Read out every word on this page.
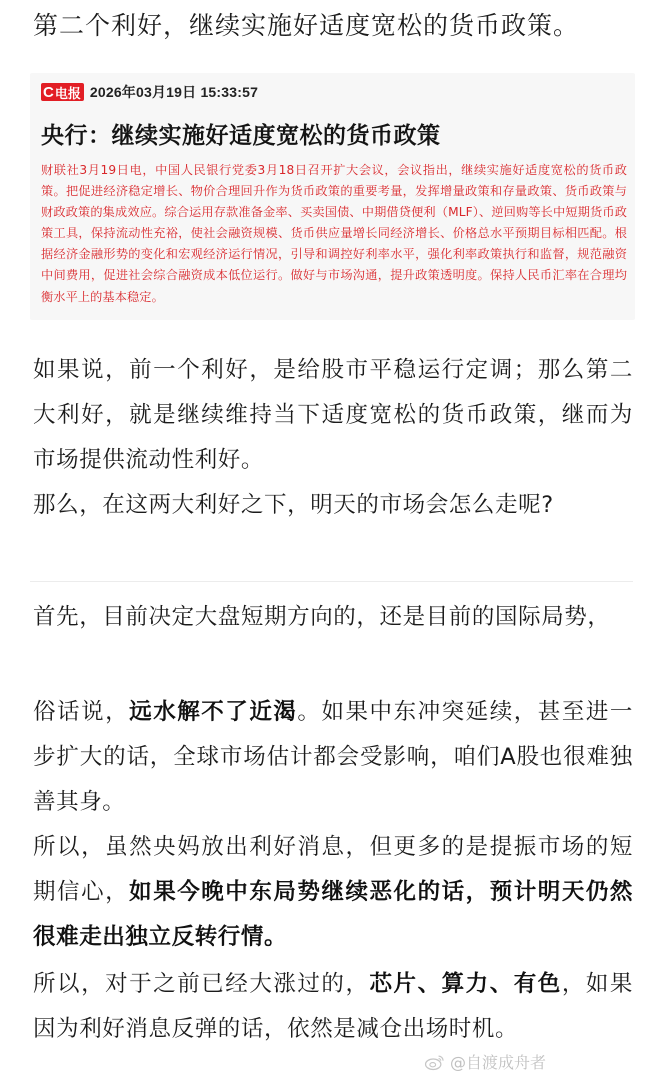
第二个利好，继续实施好适度宽松的货币政策。
C 电报 2026年03月19日 15:33:57
央行：继续实施好适度宽松的货币政策
财联社3月19日电，中国人民银行党委3月18日召开扩大会议，会议指出，继续实施好适度宽松的货币政策。把促进经济稳定增长、物价合理回升作为货币政策的重要考量，发挥增量政策和存量政策、货币政策与财政政策的集成效应。综合运用存款准备金率、买卖国债、中期借贷便利（MLF）、逆回购等长中短期货币政策工具，保持流动性充裕，使社会融资规模、货币供应量增长同经济增长、价格总水平预期目标相匹配。根据经济金融形势的变化和宏观经济运行情况，引导和调控好利率水平，强化利率政策执行和监督，规范融资中间费用，促进社会综合融资成本低位运行。做好与市场沟通，提升政策透明度。保持人民币汇率在合理均衡水平上的基本稳定。
如果说，前一个利好，是给股市平稳运行定调；那么第二大利好，就是继续维持当下适度宽松的货币政策，继而为市场提供流动性利好。
那么，在这两大利好之下，明天的市场会怎么走呢?
首先，目前决定大盘短期方向的，还是目前的国际局势，
俗话说，远水解不了近渴。如果中东冲突延续，甚至进一步扩大的话，全球市场估计都会受影响，咱们A股也很难独善其身。
所以，虽然央妈放出利好消息，但更多的是提振市场的短期信心，如果今晚中东局势继续恶化的话，预计明天仍然很难走出独立反转行情。
所以，对于之前已经大涨过的，芯片、算力、有色，如果因为利好消息反弹的话，依然是减仓出场时机。
@自渡成舟者
